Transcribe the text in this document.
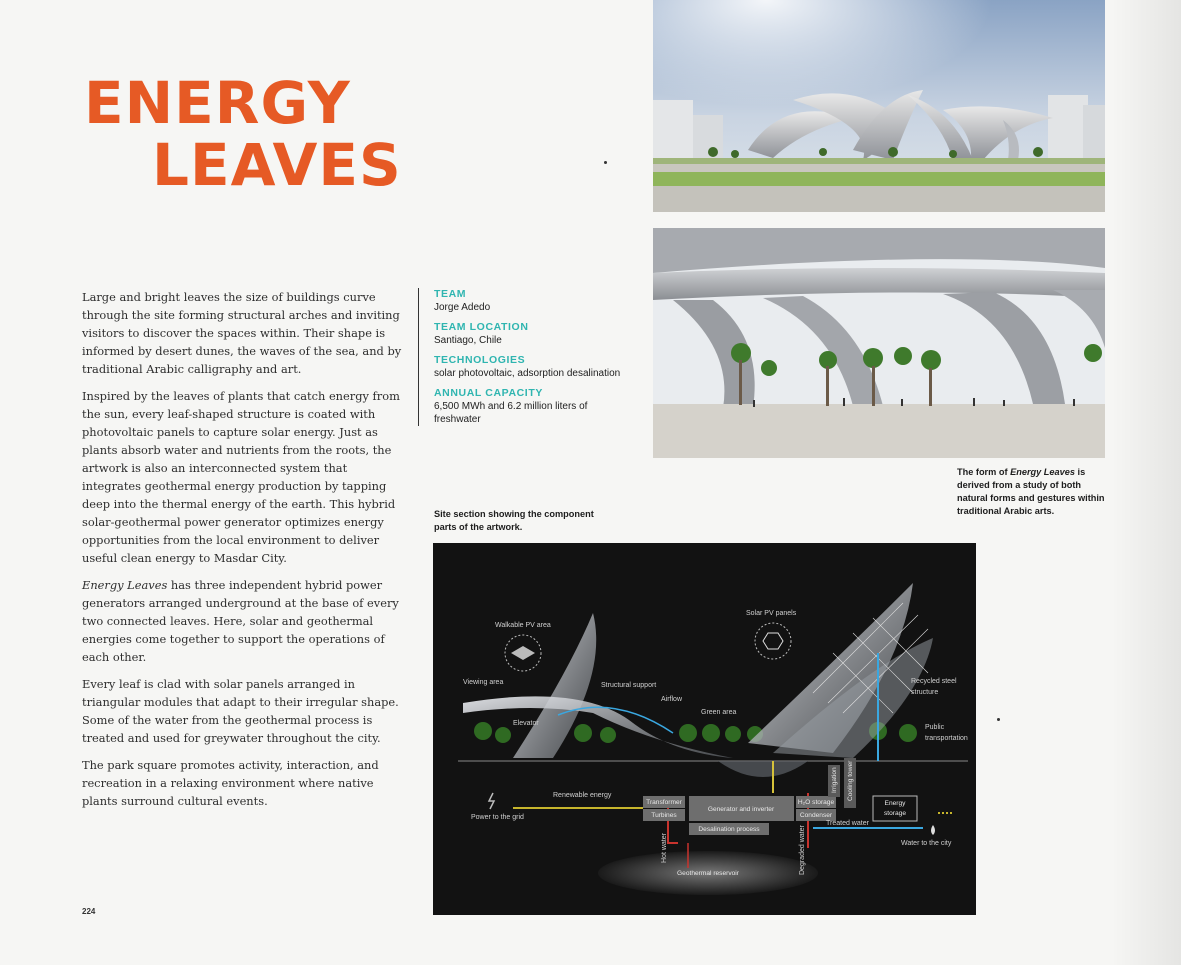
ENERGY
LEAVES

Large and bright leaves the size of buildings curve through the site forming structural arches and inviting visitors to discover the spaces within. Their shape is informed by desert dunes, the waves of the sea, and by traditional Arabic calligraphy and art.

Inspired by the leaves of plants that catch energy from the sun, every leaf-shaped structure is coated with photovoltaic panels to capture solar energy. Just as plants absorb water and nutrients from the roots, the artwork is also an interconnected system that integrates geothermal energy production by tapping deep into the thermal energy of the earth. This hybrid solar-geothermal power generator optimizes energy opportunities from the local environment to deliver useful clean energy to Masdar City.

Energy Leaves has three independent hybrid power generators arranged underground at the base of every two connected leaves. Here, solar and geothermal energies come together to support the operations of each other.

Every leaf is clad with solar panels arranged in triangular modules that adapt to their irregular shape. Some of the water from the geothermal process is treated and used for greywater throughout the city.

The park square promotes activity, interaction, and recreation in a relaxing environment where native plants surround cultural events.

TEAM
Jorge Adedo
TEAM LOCATION
Santiago, Chile
TECHNOLOGIES
solar photovoltaic, adsorption desalination
ANNUAL CAPACITY
6,500 MWh and 6.2 million liters of freshwater
The form of Energy Leaves is derived from a study of both natural forms and gestures within traditional Arabic arts.
Site section showing the component parts of the artwork.
Geothermal reservoir
Transformer
Turbines
Generator and inverter
H₂O storage
Condenser
Desalination process
Energy
storage
Cooling tower
Irrigation
Hot water	Degraded water
Walkable PV area
Solar PV panels
Viewing area	Structural support
Airflow
Green area
Elevator
Recycled steel
structure
Public
transportation
Renewable energy
Power to the grid
Treated water
Water to the city
224
